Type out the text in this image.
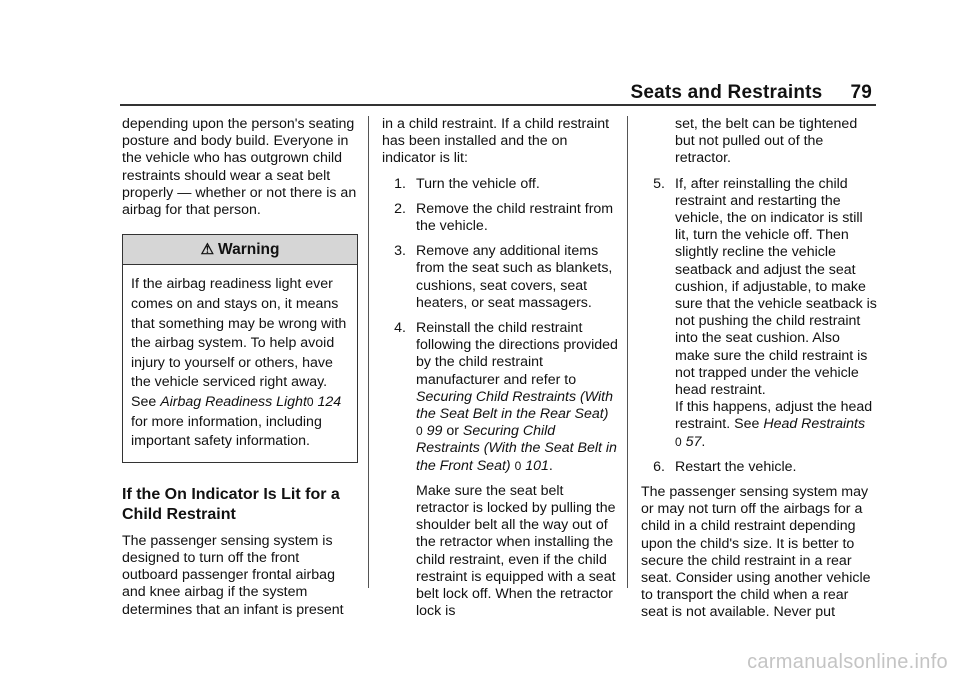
Seats and Restraints 79

depending upon the person's seating posture and body build. Everyone in the vehicle who has outgrown child restraints should wear a seat belt properly — whether or not there is an airbag for that person.

⚠ Warning
If the airbag readiness light ever comes on and stays on, it means that something may be wrong with the airbag system. To help avoid injury to yourself or others, have the vehicle serviced right away. See Airbag Readiness Light0 124 for more information, including important safety information.
If the On Indicator Is Lit for a Child Restraint

The passenger sensing system is designed to turn off the front outboard passenger frontal airbag and knee airbag if the system determines that an infant is present

in a child restraint. If a child restraint has been installed and the on indicator is lit:

1. Turn the vehicle off.
2. Remove the child restraint from the vehicle.
3. Remove any additional items from the seat such as blankets, cushions, seat covers, seat heaters, or seat massagers.
4. Reinstall the child restraint following the directions provided by the child restraint manufacturer and refer to Securing Child Restraints (With the Seat Belt in the Rear Seat)
0 99 or Securing Child Restraints (With the Seat Belt in the Front Seat) 0 101.

Make sure the seat belt retractor is locked by pulling the shoulder belt all the way out of the retractor when installing the child restraint, even if the child restraint is equipped with a seat belt lock off. When the retractor lock is

set, the belt can be tightened but not pulled out of the retractor.
5. If, after reinstalling the child restraint and restarting the vehicle, the on indicator is still lit, turn the vehicle off. Then slightly recline the vehicle seatback and adjust the seat cushion, if adjustable, to make sure that the vehicle seatback is not pushing the child restraint into the seat cushion. Also make sure the child restraint is not trapped under the vehicle head restraint.
If this happens, adjust the head restraint. See Head Restraints
0 57.
6. Restart the vehicle.

The passenger sensing system may or may not turn off the airbags for a child in a child restraint depending upon the child's size. It is better to secure the child restraint in a rear seat. Consider using another vehicle to transport the child when a rear seat is not available. Never put

carmanualsonline.info
